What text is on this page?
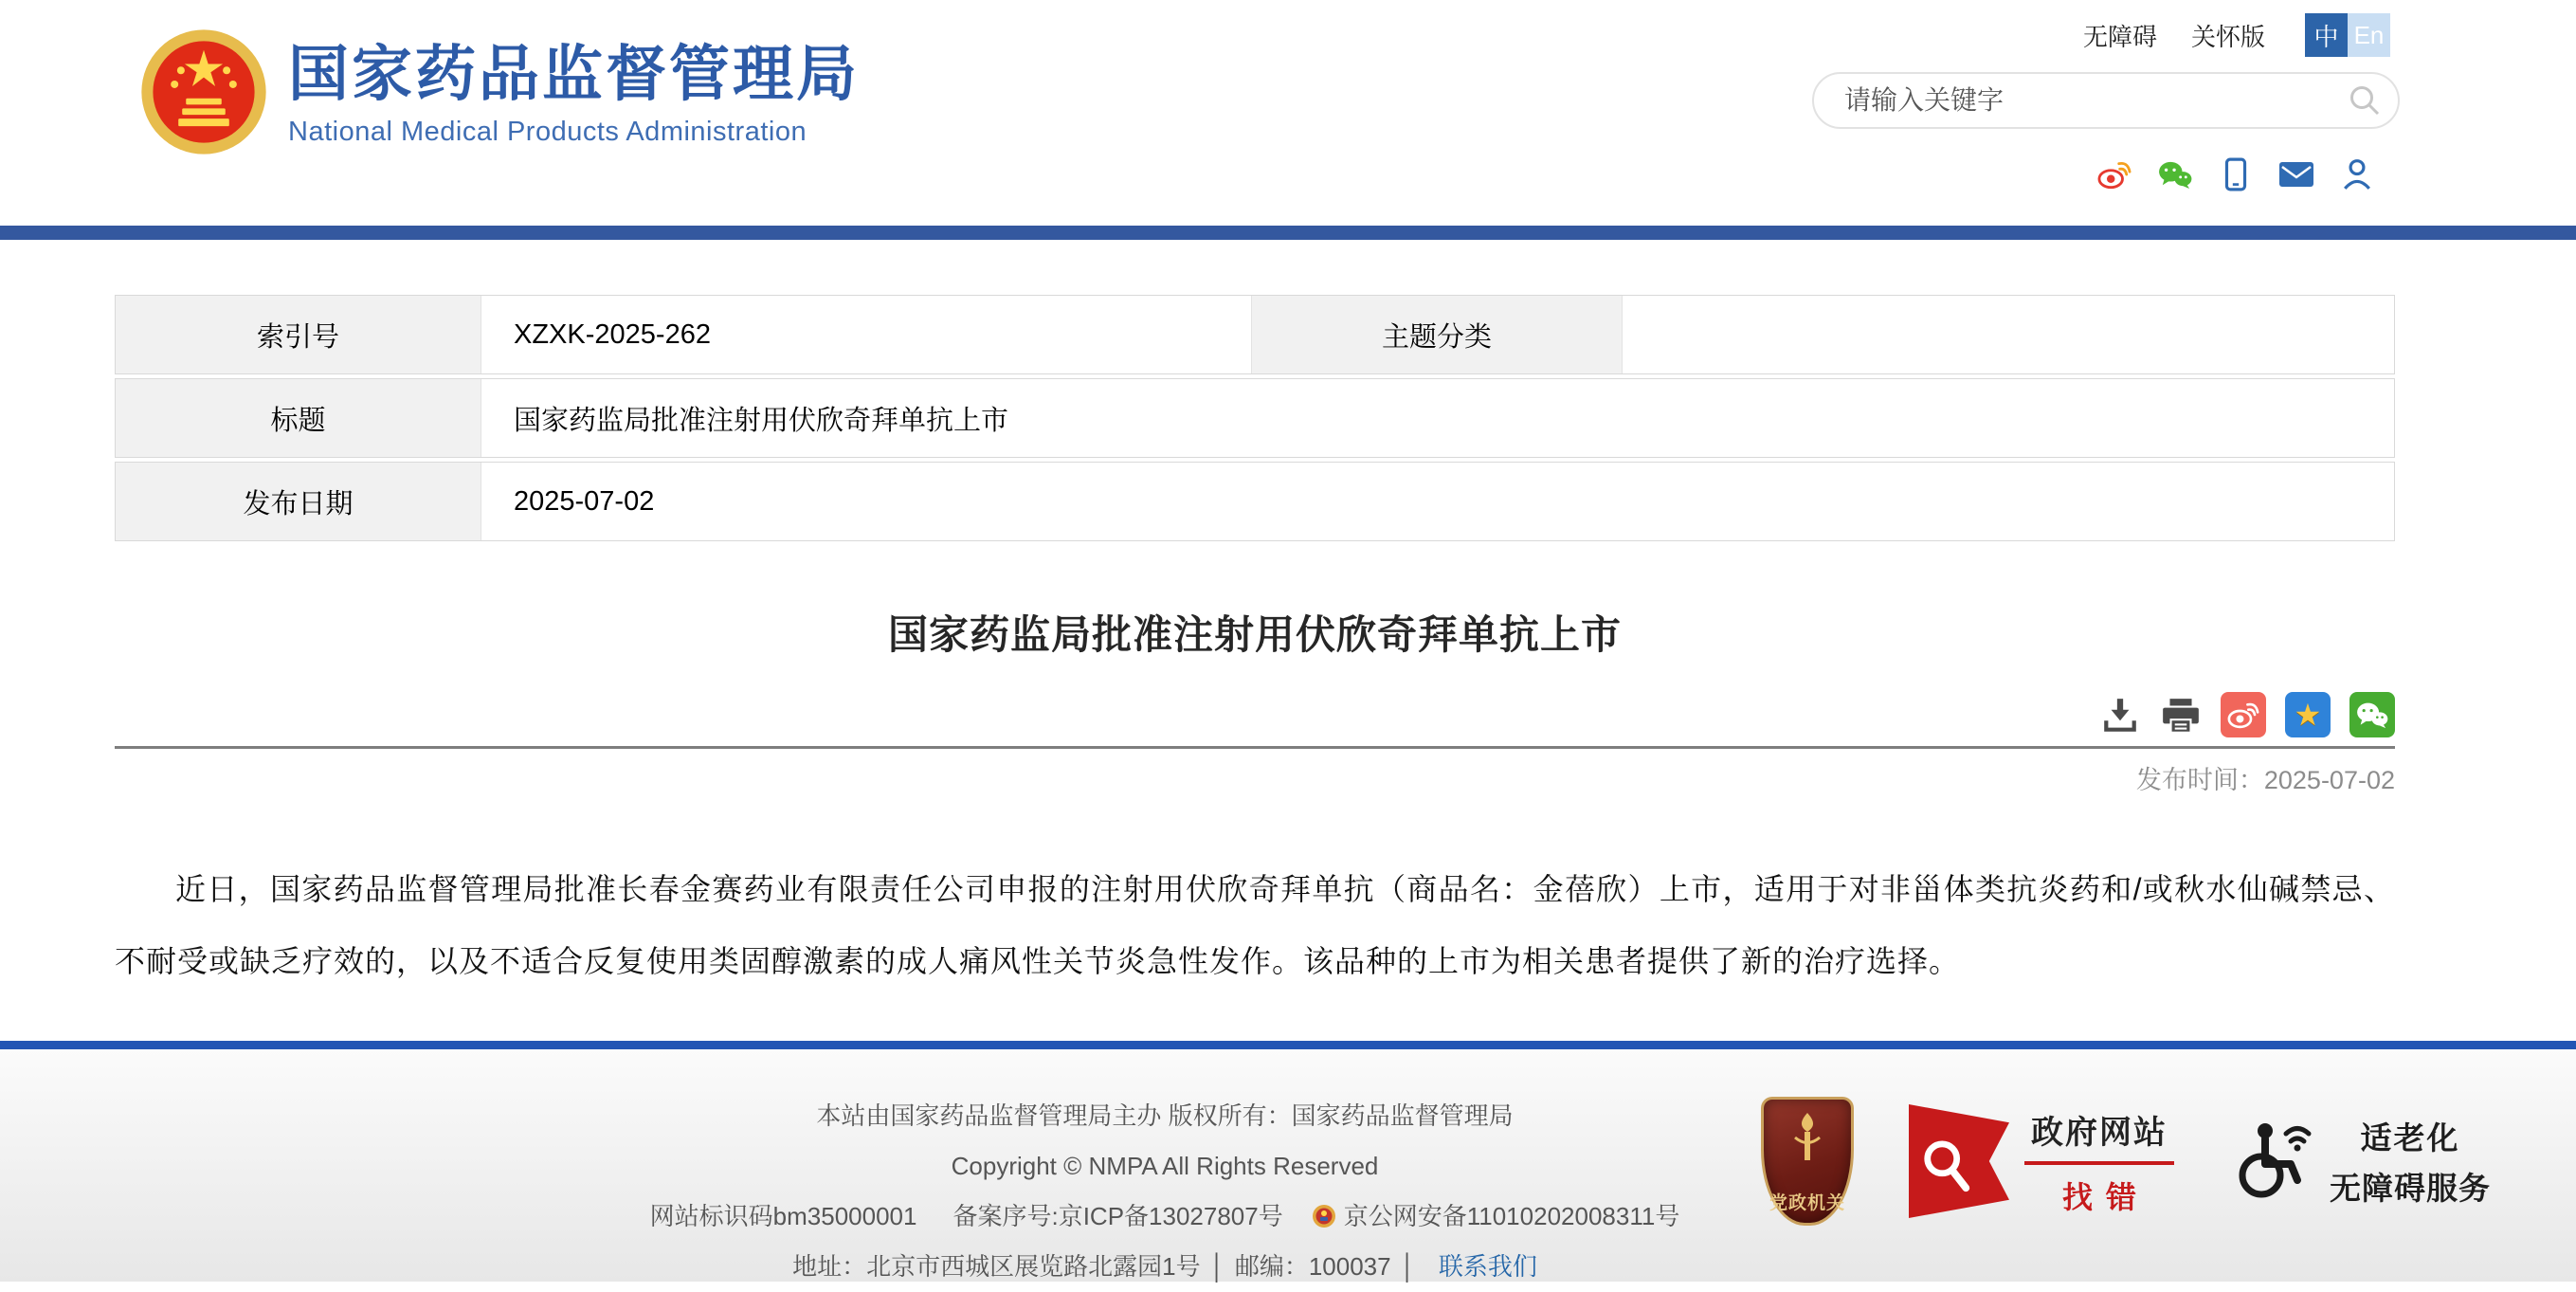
国家药品监督管理局
National Medical Products Administration
无障碍 关怀版	中 En
请输入关键字
索引号	XZXK-2025-262	主题分类
标题	国家药监局批准注射用伏欣奇拜单抗上市
发布日期	2025-07-02
国家药监局批准注射用伏欣奇拜单抗上市
★
发布时间：2025-07-02

近日，国家药品监督管理局批准长春金赛药业有限责任公司申报的注射用伏欣奇拜单抗（商品名：金蓓欣）上市，适用于对非甾体类抗炎药和/或秋水仙碱禁忌、不耐受或缺乏疗效的，以及不适合反复使用类固醇激素的成人痛风性关节炎急性发作。该品种的上市为相关患者提供了新的治疗选择。

本站由国家药品监督管理局主办 版权所有：国家药品监督管理局
Copyright © NMPA All Rights Reserved
网站标识码bm35000001 备案序号:京ICP备13027807号 京公网安备11010202008311号
地址：北京市西城区展览路北露园1号 │ 邮编：100037 │ 联系我们
党政机关
政府网站
找错
适老化
无障碍服务
